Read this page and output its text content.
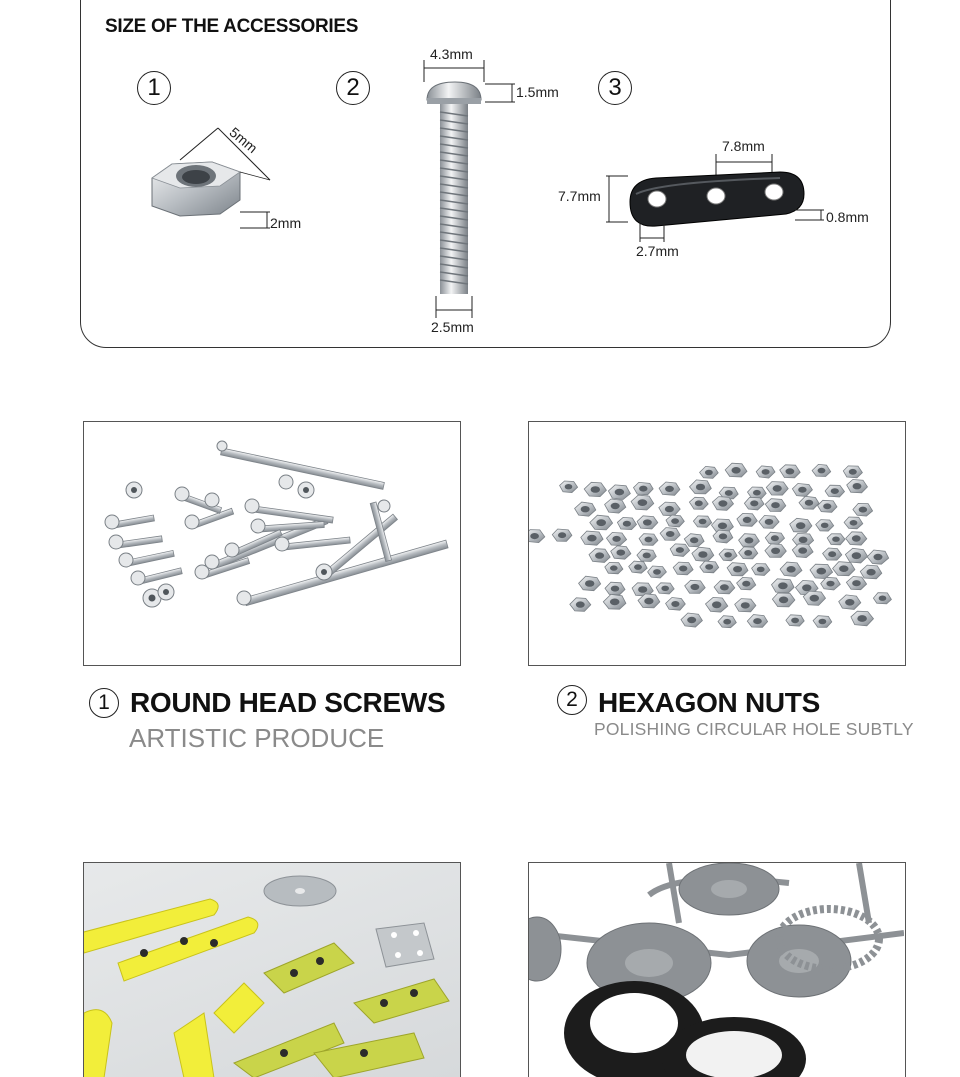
SIZE OF THE ACCESSORIES
1
5mm
2mm
2
4.3mm
1.5mm
2.5mm
3
7.8mm
7.7mm
0.8mm
2.7mm
1 ROUND HEAD SCREWS
ARTISTIC PRODUCE
2 HEXAGON NUTS
POLISHING CIRCULAR HOLE SUBTLY
